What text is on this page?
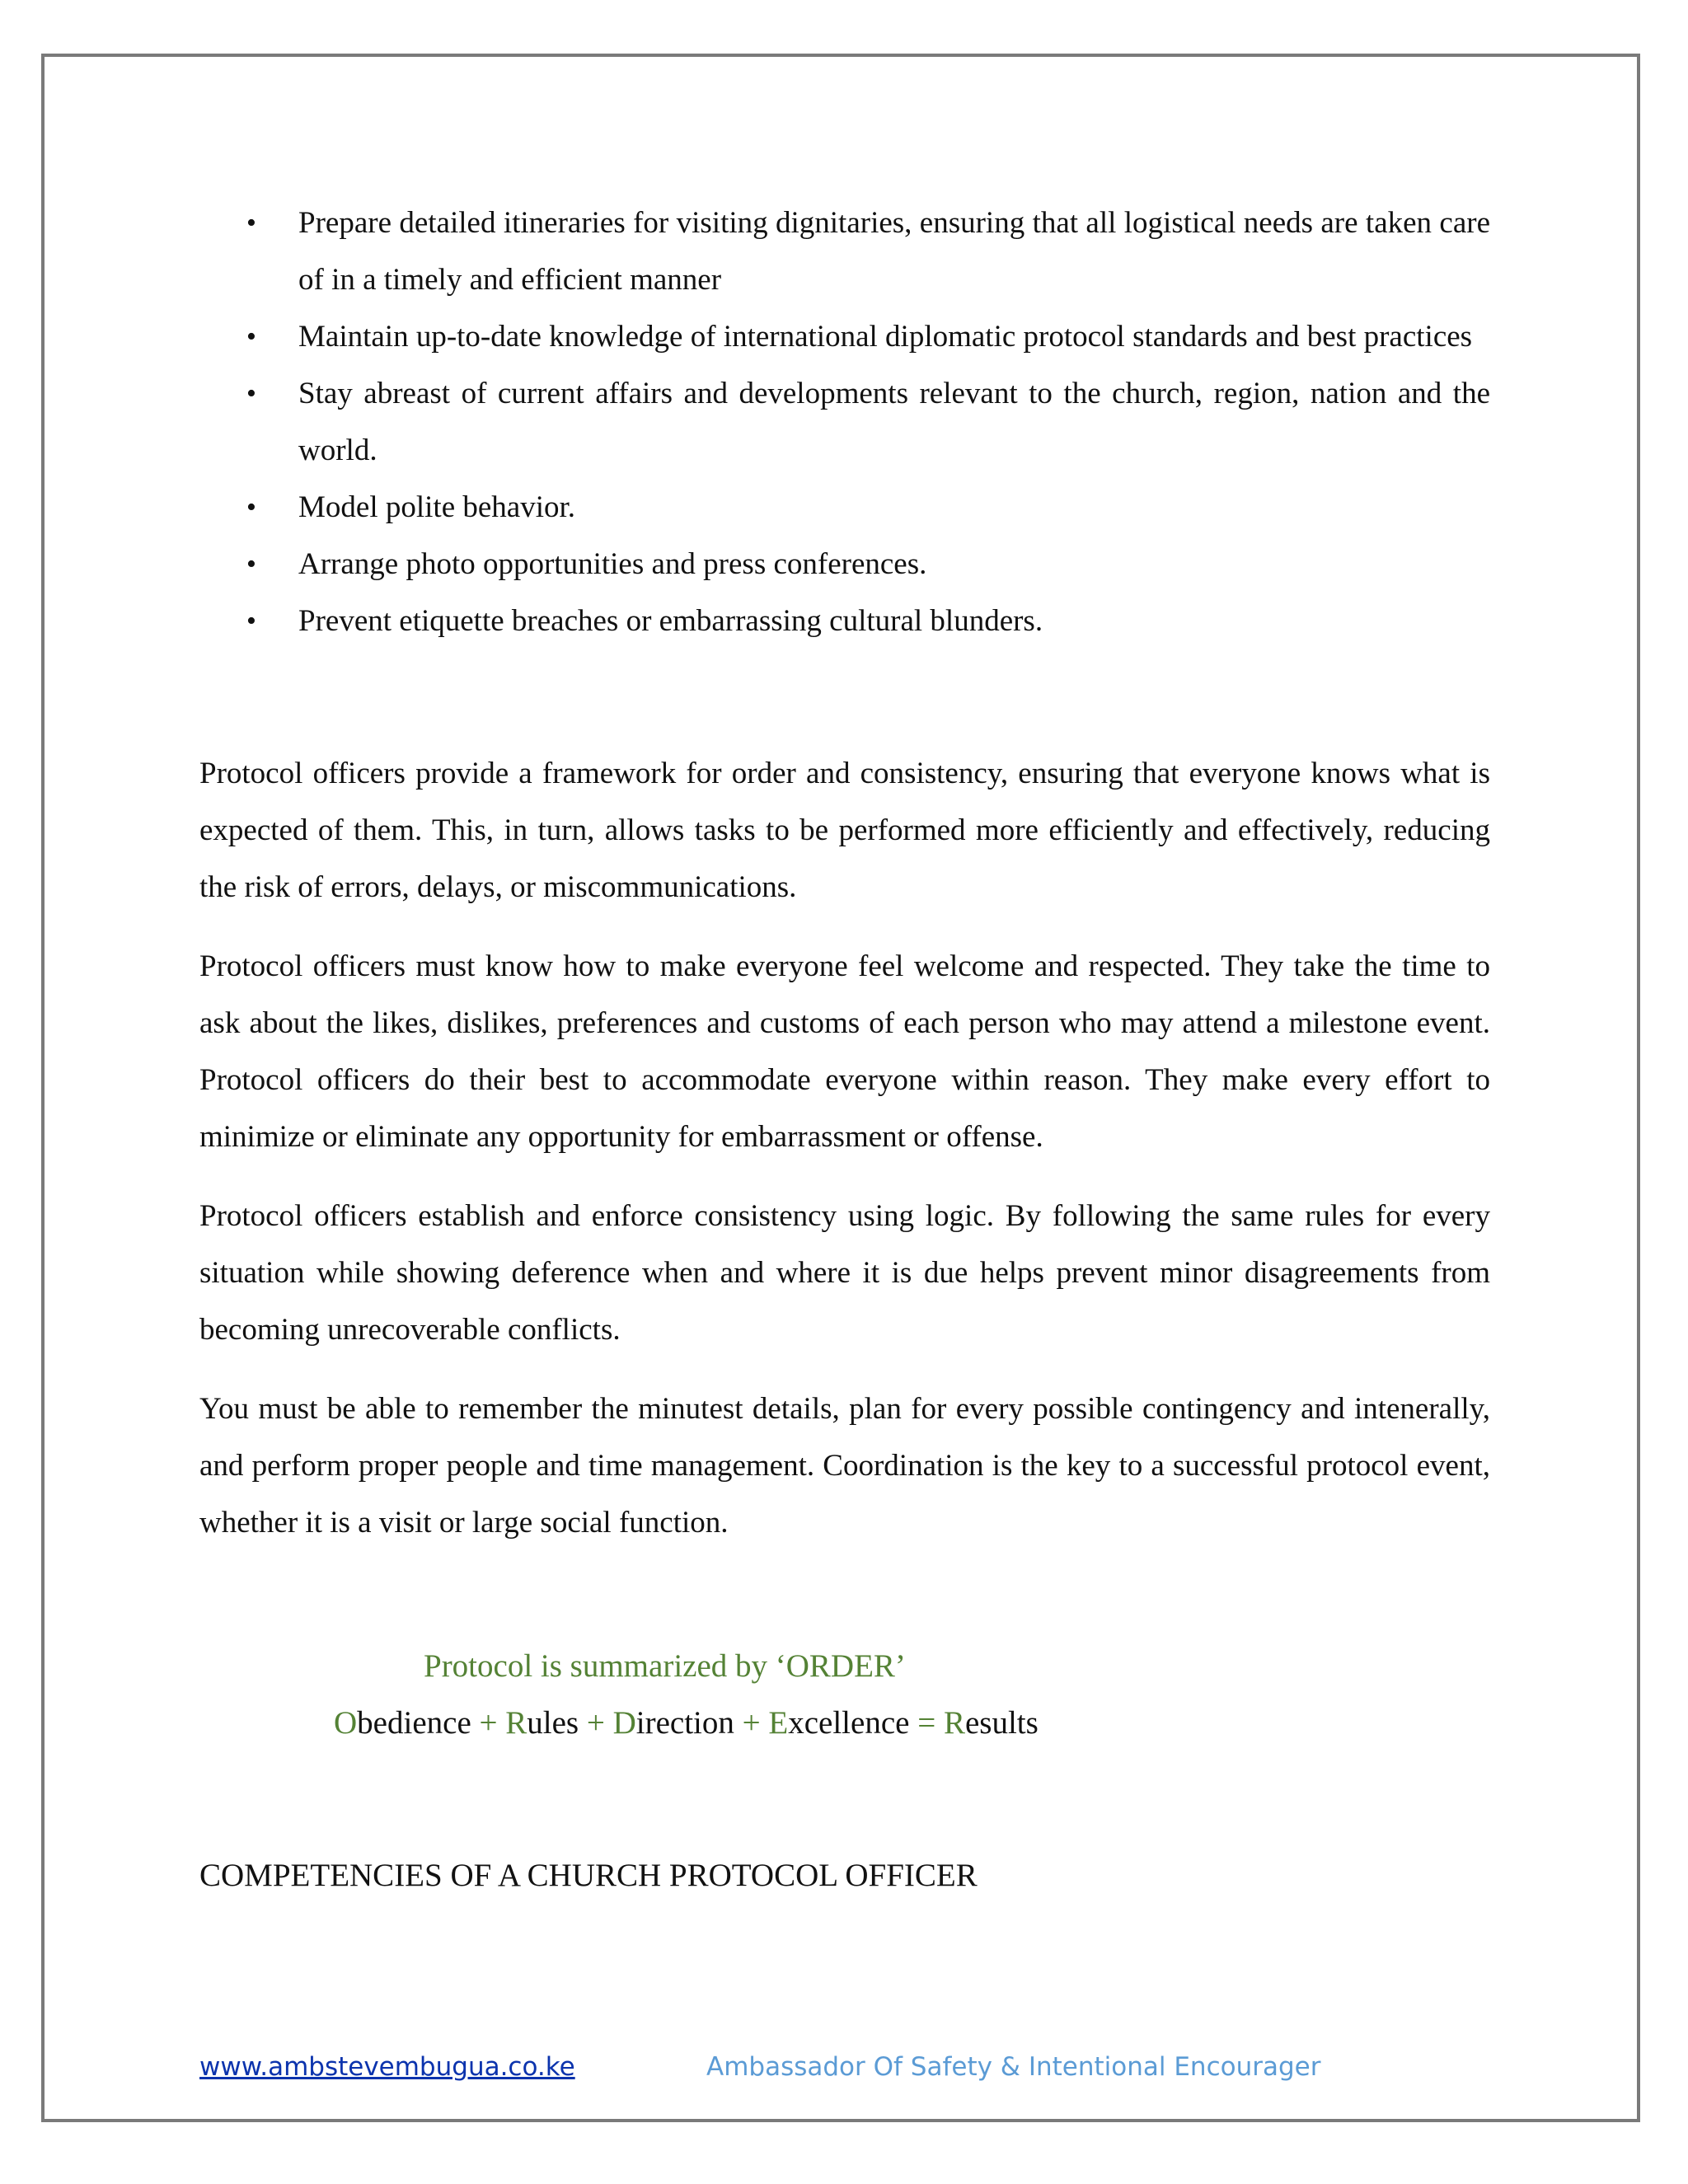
• Prepare detailed itineraries for visiting dignitaries, ensuring that all logistical needs are taken care of in a timely and efficient manner
• Maintain up-to-date knowledge of international diplomatic protocol standards and best practices
• Stay abreast of current affairs and developments relevant to the church, region, nation and the world.
• Model polite behavior.
• Arrange photo opportunities and press conferences.
• Prevent etiquette breaches or embarrassing cultural blunders.

Protocol officers provide a framework for order and consistency, ensuring that everyone knows what is expected of them. This, in turn, allows tasks to be performed more efficiently and effectively, reducing the risk of errors, delays, or miscommunications.

Protocol officers must know how to make everyone feel welcome and respected. They take the time to ask about the likes, dislikes, preferences and customs of each person who may attend a milestone event. Protocol officers do their best to accommodate everyone within reason. They make every effort to minimize or eliminate any opportunity for embarrassment or offense.

Protocol officers establish and enforce consistency using logic. By following the same rules for every situation while showing deference when and where it is due helps prevent minor disagreements from becoming unrecoverable conflicts.

You must be able to remember the minutest details, plan for every possible contingency and intenerally, and perform proper people and time management. Coordination is the key to a successful protocol event, whether it is a visit or large social function.

Protocol is summarized by ‘ORDER’
Obedience + Rules + Direction + Excellence = Results
COMPETENCIES OF A CHURCH PROTOCOL OFFICER
www.ambstevembugua.co.ke	Ambassador Of Safety & Intentional Encourager
